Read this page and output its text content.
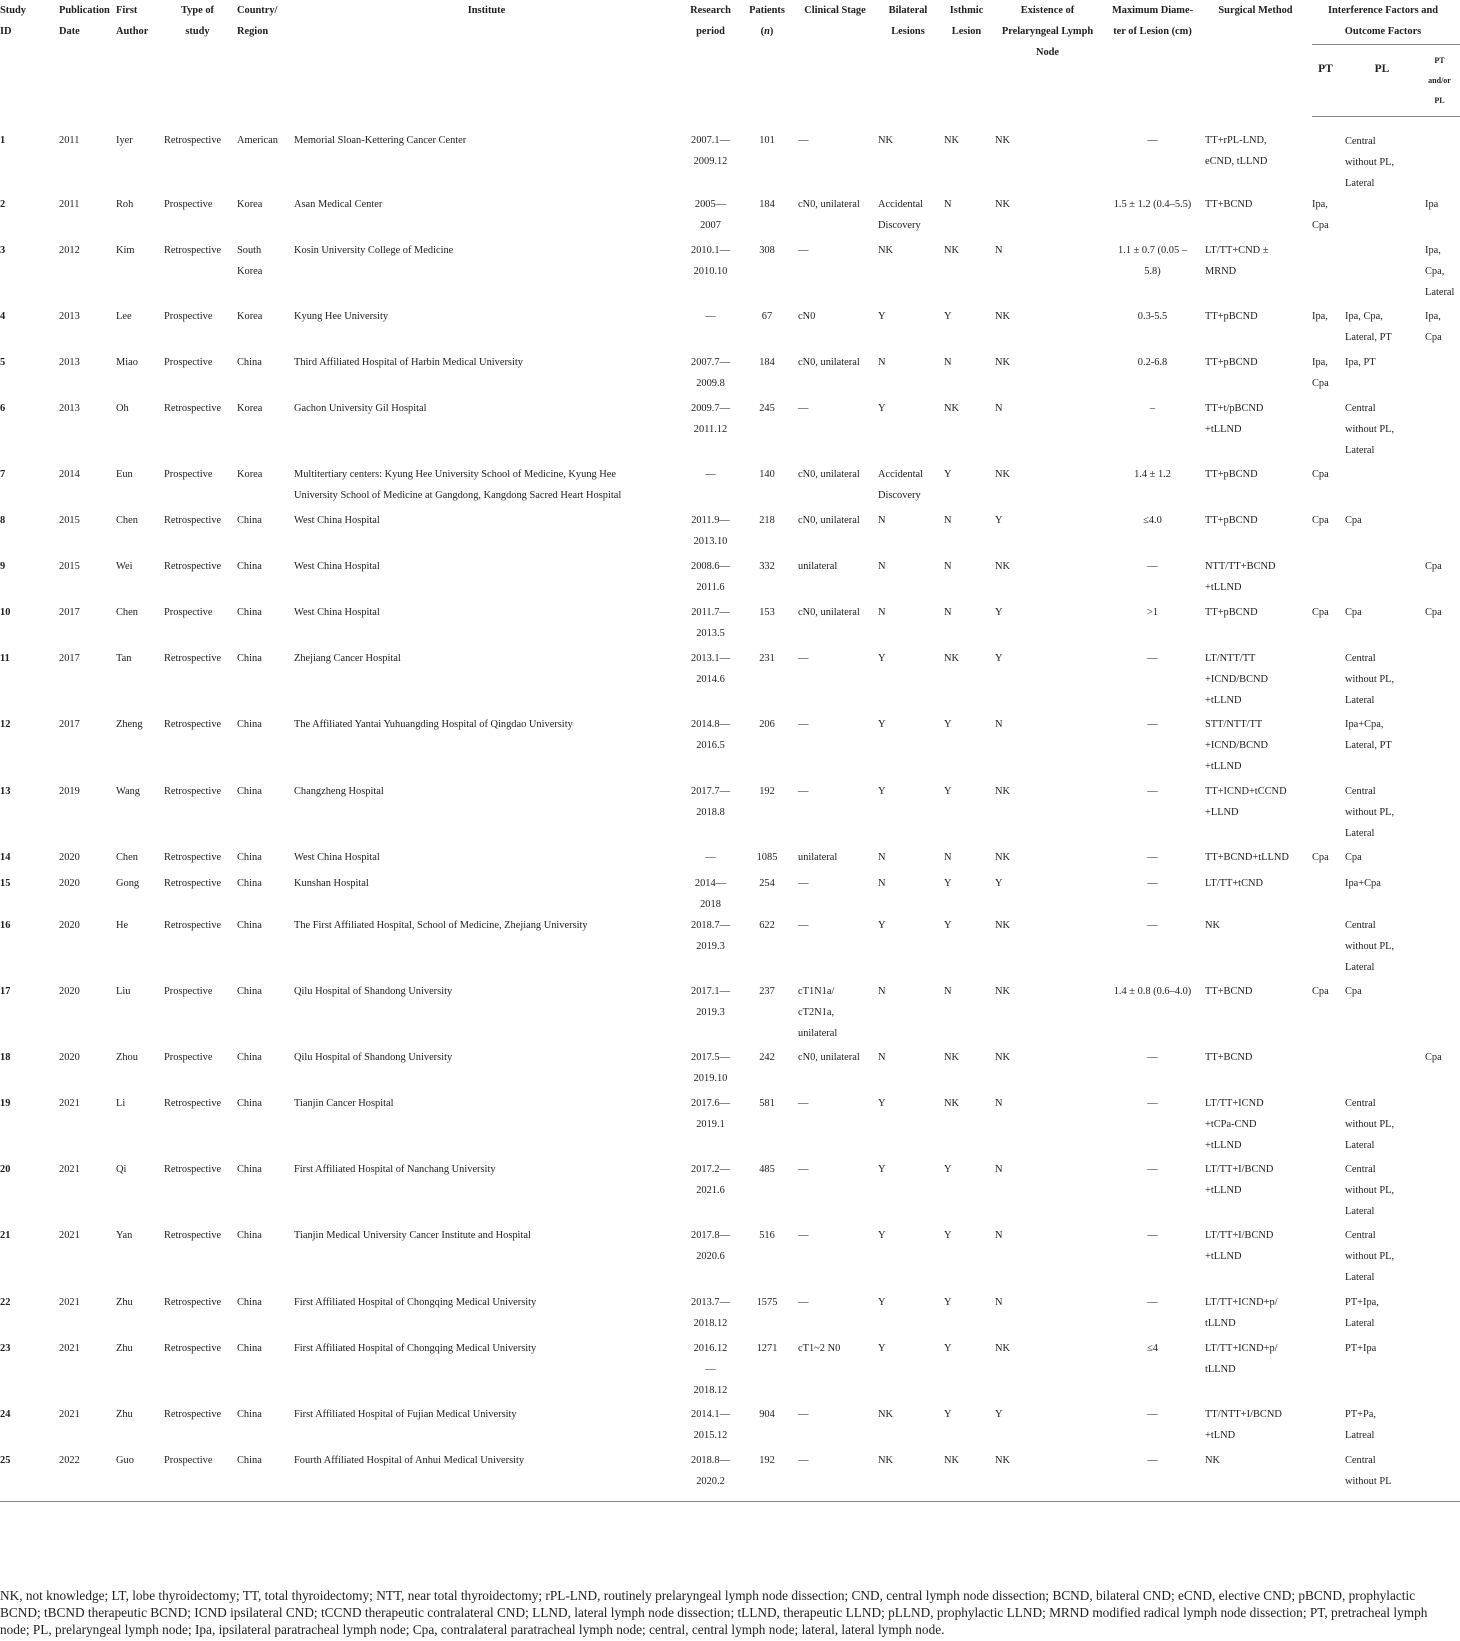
Study
ID	Publication
Date	First
Author	Type of
study	Country/
Region	Institute	Research
period	Patients
(n)	Clinical Stage	Bilateral
Lesions	Isthmic
Lesion	Existence of
Prelaryngeal Lymph
Node	Maximum Diame-
ter of Lesion (cm)	Surgical Method	Interference Factors and
Outcome Factors		
														PT	PL	PT and/or
PL
1	2011	Iyer	Retrospective	American	Memorial Sloan-Kettering Cancer Center	2007.1—
2009.12	101	—	NK	NK	NK	—	TT+rPL-LND,
eCND, tLLND		Central
without PL,
Lateral	
2	2011	Roh	Prospective	Korea	Asan Medical Center	2005—
2007	184	cN0, unilateral	Accidental
Discovery	N	NK	1.5 ± 1.2 (0.4–5.5)	TT+BCND	Ipa,
Cpa		Ipa
3	2012	Kim	Retrospective	South
Korea	Kosin University College of Medicine	2010.1—
2010.10	308	—	NK	NK	N	1.1 ± 0.7 (0.05 –
5.8)	LT/TT+CND ±
MRND			Ipa,
Cpa,
Lateral
4	2013	Lee	Prospective	Korea	Kyung Hee University	—	67	cN0	Y	Y	NK	0.3-5.5	TT+pBCND	Ipa,	Ipa, Cpa,
Lateral, PT	Ipa, Cpa
5	2013	Miao	Prospective	China	Third Affiliated Hospital of Harbin Medical University	2007.7—
2009.8	184	cN0, unilateral	N	N	NK	0.2-6.8	TT+pBCND	Ipa,
Cpa	Ipa, PT	
6	2013	Oh	Retrospective	Korea	Gachon University Gil Hospital	2009.7—
2011.12	245	—	Y	NK	N	–	TT+t/pBCND
+tLLND		Central
without PL,
Lateral	
7	2014	Eun	Prospective	Korea	Multitertiary centers: Kyung Hee University School of Medicine, Kyung Hee
University School of Medicine at Gangdong, Kangdong Sacred Heart Hospital	—	140	cN0, unilateral	Accidental
Discovery	Y	NK	1.4 ± 1.2	TT+pBCND	Cpa		
8	2015	Chen	Retrospective	China	West China Hospital	2011.9—
2013.10	218	cN0, unilateral	N	N	Y	≤4.0	TT+pBCND	Cpa	Cpa	
9	2015	Wei	Retrospective	China	West China Hospital	2008.6—
2011.6	332	unilateral	N	N	NK	—	NTT/TT+BCND
+tLLND			Cpa
10	2017	Chen	Prospective	China	West China Hospital	2011.7—
2013.5	153	cN0, unilateral	N	N	Y	>1	TT+pBCND	Cpa	Cpa	Cpa
11	2017	Tan	Retrospective	China	Zhejiang Cancer Hospital	2013.1—
2014.6	231	—	Y	NK	Y	—	LT/NTT/TT
+ICND/BCND
+tLLND		Central
without PL,
Lateral	
12	2017	Zheng	Retrospective	China	The Affiliated Yantai Yuhuangding Hospital of Qingdao University	2014.8—
2016.5	206	—	Y	Y	N	—	STT/NTT/TT
+ICND/BCND
+tLLND		Ipa+Cpa,
Lateral, PT	
13	2019	Wang	Retrospective	China	Changzheng Hospital	2017.7—
2018.8	192	—	Y	Y	NK	—	TT+ICND+tCCND
+LLND		Central
without PL,
Lateral	
14	2020	Chen	Retrospective	China	West China Hospital	—	1085	unilateral	N	N	NK	—	TT+BCND+tLLND	Cpa	Cpa	
15	2020	Gong	Retrospective	China	Kunshan Hospital	2014—
2018	254	—	N	Y	Y	—	LT/TT+tCND		Ipa+Cpa	
16	2020	He	Retrospective	China	The First Affiliated Hospital, School of Medicine, Zhejiang University	2018.7—
2019.3	622	—	Y	Y	NK	—	NK		Central
without PL,
Lateral	
17	2020	Liu	Prospective	China	Qilu Hospital of Shandong University	2017.1—
2019.3	237	cT1N1a/
cT2N1a,
unilateral	N	N	NK	1.4 ± 0.8 (0.6–4.0)	TT+BCND	Cpa	Cpa	
18	2020	Zhou	Prospective	China	Qilu Hospital of Shandong University	2017.5—
2019.10	242	cN0, unilateral	N	NK	NK	—	TT+BCND			Cpa
19	2021	Li	Retrospective	China	Tianjin Cancer Hospital	2017.6—
2019.1	581	—	Y	NK	N	—	LT/TT+ICND
+tCPa-CND
+tLLND		Central
without PL,
Lateral	
20	2021	Qi	Retrospective	China	First Affiliated Hospital of Nanchang University	2017.2—
2021.6	485	—	Y	Y	N	—	LT/TT+I/BCND
+tLLND		Central
without PL,
Lateral	
21	2021	Yan	Retrospective	China	Tianjin Medical University Cancer Institute and Hospital	2017.8—
2020.6	516	—	Y	Y	N	—	LT/TT+I/BCND
+tLLND		Central
without PL,
Lateral	
22	2021	Zhu	Retrospective	China	First Affiliated Hospital of Chongqing Medical University	2013.7—
2018.12	1575	—	Y	Y	N	—	LT/TT+ICND+p/
tLLND		PT+Ipa,
Lateral	
23	2021	Zhu	Retrospective	China	First Affiliated Hospital of Chongqing Medical University	2016.12
—
2018.12	1271	cT1~2 N0	Y	Y	NK	≤4	LT/TT+ICND+p/
tLLND		PT+Ipa	
24	2021	Zhu	Retrospective	China	First Affiliated Hospital of Fujian Medical University	2014.1—
2015.12	904	—	NK	Y	Y	—	TT/NTT+I/BCND
+tLND		PT+Pa,
Latreal	
25	2022	Guo	Prospective	China	Fourth Affiliated Hospital of Anhui Medical University	2018.8—
2020.2	192	—	NK	NK	NK	—	NK		Central
without PL	
NK, not knowledge; LT, lobe thyroidectomy; TT, total thyroidectomy; NTT, near total thyroidectomy; rPL-LND, routinely prelaryngeal lymph node dissection; CND, central lymph node dissection; BCND, bilateral CND; eCND, elective CND; pBCND, prophylactic BCND; tBCND therapeutic BCND; ICND ipsilateral CND; tCCND therapeutic contralateral CND; LLND, lateral lymph node dissection; tLLND, therapeutic LLND; pLLND, prophylactic LLND; MRND modified radical lymph node dissection; PT, pretracheal lymph node; PL, prelaryngeal lymph node; Ipa, ipsilateral paratracheal lymph node; Cpa, contralateral paratracheal lymph node; central, central lymph node; lateral, lateral lymph node.
